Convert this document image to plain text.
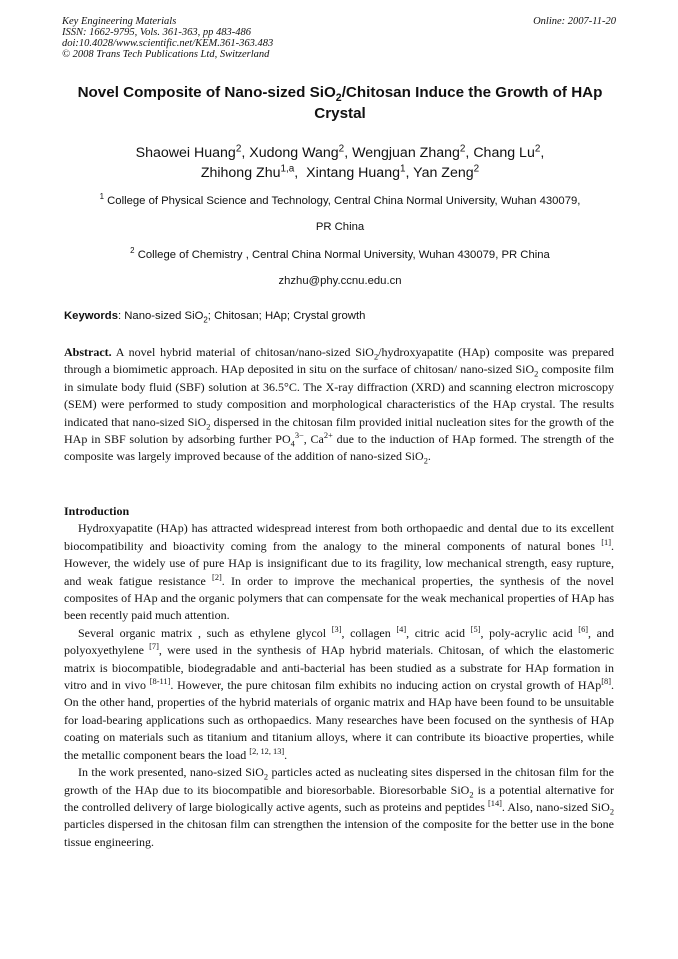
Key Engineering Materials	Online: 2007-11-20
ISSN: 1662-9795, Vols. 361-363, pp 483-486
doi:10.4028/www.scientific.net/KEM.361-363.483
© 2008 Trans Tech Publications Ltd, Switzerland
Novel Composite of Nano-sized SiO$_2$/Chitosan Induce the Growth of HAp Crystal
Shaowei Huang$^2$, Xudong Wang$^2$, Wengjuan Zhang$^2$, Chang Lu$^2$,
Zhihong Zhu$^{1,a}$,  Xintang Huang$^1$, Yan Zeng$^2$
$^1$ College of Physical Science and Technology, Central China Normal University, Wuhan 430079,
PR China
$^2$ College of Chemistry , Central China Normal University, Wuhan 430079, PR China
zhzhu@phy.ccnu.edu.cn
Keywords: Nano-sized SiO$_2$; Chitosan; HAp; Crystal growth

Abstract. A novel hybrid material of chitosan/nano-sized SiO$_2$/hydroxyapatite (HAp) composite was prepared through a biomimetic approach. HAp deposited in situ on the surface of chitosan/ nano-sized SiO$_2$ composite film in simulate body fluid (SBF) solution at 36.5°C. The X-ray diffraction (XRD) and scanning electron microscopy (SEM) were performed to study composition and morphological characteristics of the HAp crystal. The results indicated that nano-sized SiO$_2$ dispersed in the chitosan film provided initial nucleation sites for the growth of the HAp in SBF solution by adsorbing further $PO_4^{3-}$, $Ca^{2+}$ due to the induction of HAp formed. The strength of the composite was largely improved because of the addition of nano-sized SiO$_2$.

Introduction

Hydroxyapatite (HAp) has attracted widespread interest from both orthopaedic and dental due to its excellent biocompatibility and bioactivity coming from the analogy to the mineral components of natural bones [1]. However, the widely use of pure HAp is insignificant due to its fragility, low mechanical strength, easy rupture, and weak fatigue resistance [2]. In order to improve the mechanical properties, the synthesis of the novel composites of HAp and the organic polymers that can compensate for the weak mechanical properties of HAp has been recently paid much attention.

Several organic matrix , such as ethylene glycol [3], collagen [4], citric acid [5], poly-acrylic acid [6], and polyoxyethylene [7], were used in the synthesis of HAp hybrid materials. Chitosan, of which the elastomeric matrix is biocompatible, biodegradable and anti-bacterial has been studied as a substrate for HAp formation in vitro and in vivo [8-11]. However, the pure chitosan film exhibits no inducing action on crystal growth of HAp[8]. On the other hand, properties of the hybrid materials of organic matrix and HAp have been found to be unsuitable for load-bearing applications such as orthopaedics. Many researches have been focused on the synthesis of HAp coating on materials such as titanium and titanium alloys, where it can contribute its bioactive properties, while the metallic component bears the load [2, 12, 13].

In the work presented, nano-sized SiO$_2$ particles acted as nucleating sites dispersed in the chitosan film for the growth of the HAp due to its biocompatible and bioresorbable. Bioresorbable SiO$_2$ is a potential alternative for the controlled delivery of large biologically active agents, such as proteins and peptides [14]. Also, nano-sized SiO$_2$ particles dispersed in the chitosan film can strengthen the intension of the composite for the better use in the bone tissue engineering.
